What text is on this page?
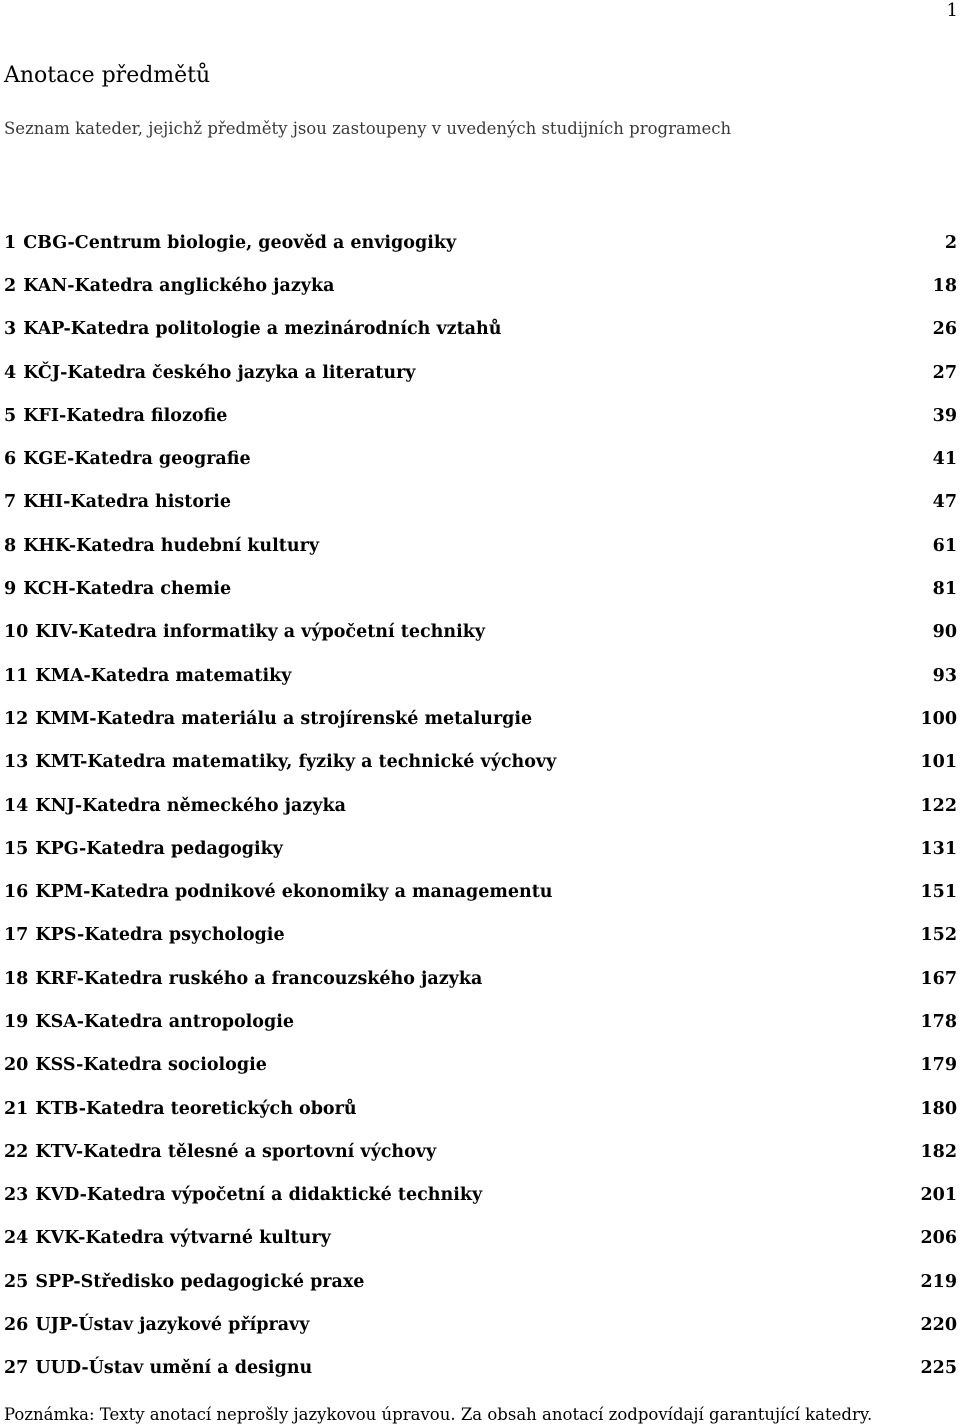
1
Anotace předmětů
Seznam kateder, jejichž předměty jsou zastoupeny v uvedených studijních programech
1 CBG-Centrum biologie, geověd a envigogiky	2
2 KAN-Katedra anglického jazyka	18
3 KAP-Katedra politologie a mezinárodních vztahů	26
4 KČJ-Katedra českého jazyka a literatury	27
5 KFI-Katedra filozofie	39
6 KGE-Katedra geografie	41
7 KHI-Katedra historie	47
8 KHK-Katedra hudební kultury	61
9 KCH-Katedra chemie	81
10 KIV-Katedra informatiky a výpočetní techniky	90
11 KMA-Katedra matematiky	93
12 KMM-Katedra materiálu a strojírenské metalurgie	100
13 KMT-Katedra matematiky, fyziky a technické výchovy	101
14 KNJ-Katedra německého jazyka	122
15 KPG-Katedra pedagogiky	131
16 KPM-Katedra podnikové ekonomiky a managementu	151
17 KPS-Katedra psychologie	152
18 KRF-Katedra ruského a francouzského jazyka	167
19 KSA-Katedra antropologie	178
20 KSS-Katedra sociologie	179
21 KTB-Katedra teoretických oborů	180
22 KTV-Katedra tělesné a sportovní výchovy	182
23 KVD-Katedra výpočetní a didaktické techniky	201
24 KVK-Katedra výtvarné kultury	206
25 SPP-Středisko pedagogické praxe	219
26 UJP-Ústav jazykové přípravy	220
27 UUD-Ústav umění a designu	225
Poznámka: Texty anotací neprošly jazykovou úpravou. Za obsah anotací zodpovídají garantující katedry.
